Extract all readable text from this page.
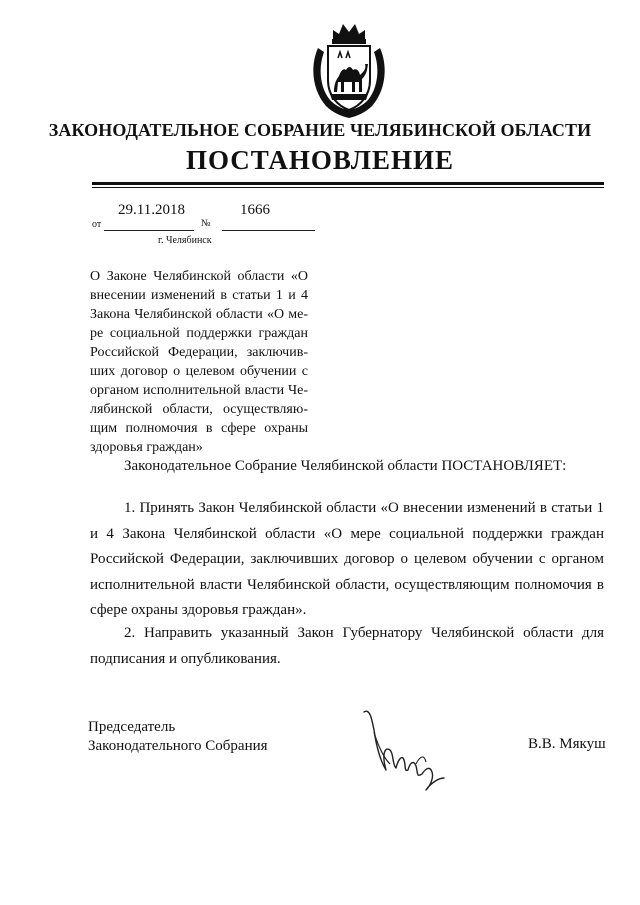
ЗАКОНОДАТЕЛЬНОЕ СОБРАНИЕ ЧЕЛЯБИНСКОЙ ОБЛАСТИ
ПОСТАНОВЛЕНИЕ
от
29.11.2018
№
1666
г. Челябинск
О Законе Челябинской области «О внесении изменений в статьи 1 и 4 Закона Челябинской области «О мере социальной поддержки граждан Российской Федерации, заключивших договор о целевом обучении с органом исполнительной власти Челябинской области, осуществляющим полномочия в сфере охраны здоровья граждан»
Законодательное Собрание Челябинской области ПОСТАНОВЛЯЕТ:
1. Принять Закон Челябинской области «О внесении изменений в статьи 1 и 4 Закона Челябинской области «О мере социальной поддержки граждан Российской Федерации, заключивших договор о целевом обучении с органом исполнительной власти Челябинской области, осуществляющим полномочия в сфере охраны здоровья граждан».
2. Направить указанный Закон Губернатору Челябинской области для подписания и опубликования.
Председатель
Законодательного Собрания	В.В. Мякуш
